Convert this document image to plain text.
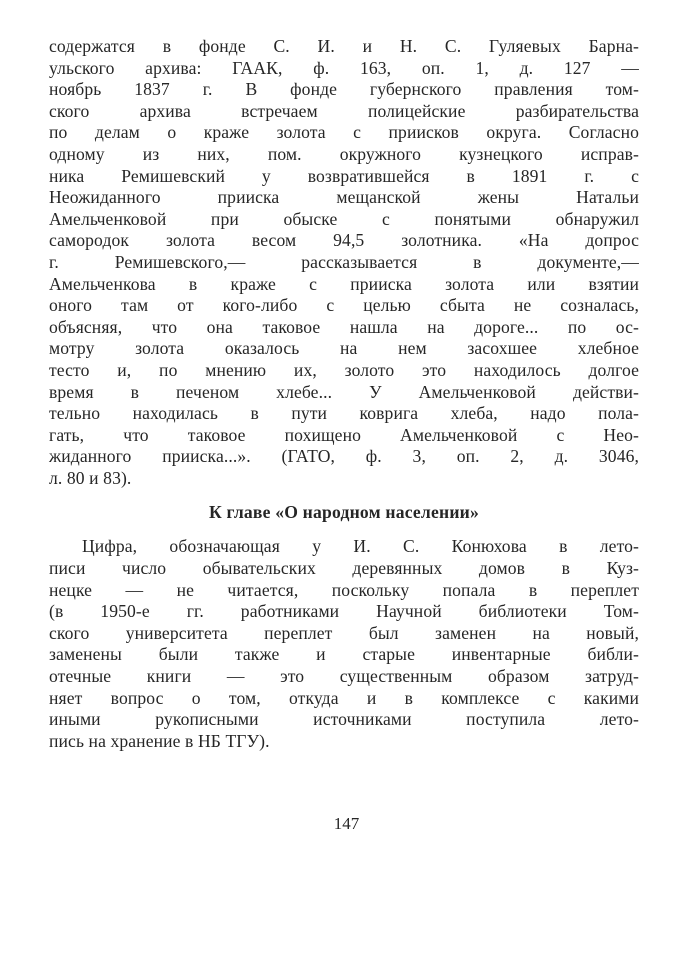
содержатся в фонде С. И. и Н. С. Гуляевых Барна-
ульского архива: ГААК, ф. 163, оп. 1, д. 127 —
ноябрь 1837 г. В фонде губернского правления том-
ского архива встречаем полицейские разбирательства
по делам о краже золота с приисков округа. Согласно
одному из них, пом. окружного кузнецкого исправ-
ника Ремишевский у возвратившейся в 1891 г. с
Неожиданного прииска мещанской жены Натальи
Амельченковой при обыске с понятыми обнаружил
самородок золота весом 94,5 золотника. «На допрос
г. Ремишевского,— рассказывается в документе,—
Амельченкова в краже с прииска золота или взятии
оного там от кого-либо с целью сбыта не созналась,
объясняя, что она таковое нашла на дороге... по ос-
мотру золота оказалось на нем засохшее хлебное
тесто и, по мнению их, золото это находилось долгое
время в печеном хлебе... У Амельченковой действи-
тельно находилась в пути коврига хлеба, надо пола-
гать, что таковое похищено Амельченковой с Нео-
жиданного прииска...». (ГАТО, ф. 3, оп. 2, д. 3046,
л. 80 и 83).
К главе «О народном населении»
Цифра, обозначающая у И. С. Конюхова в лето-
писи число обывательских деревянных домов в Куз-
нецке — не читается, поскольку попала в переплет
(в 1950-е гг. работниками Научной библиотеки Том-
ского университета переплет был заменен на новый,
заменены были также и старые инвентарные библи-
отечные книги — это существенным образом затруд-
няет вопрос о том, откуда и в комплексе с какими
иными рукописными источниками поступила лето-
пись на хранение в НБ ТГУ).
147
